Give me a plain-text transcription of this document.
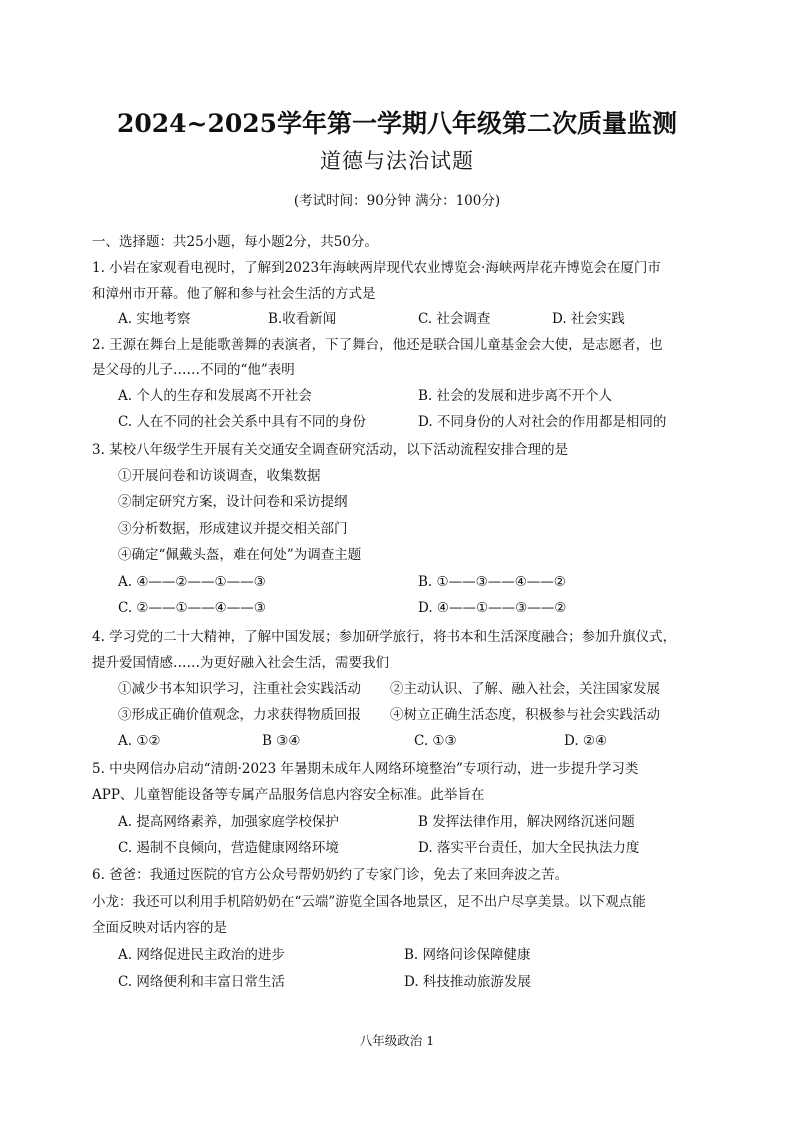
2024~2025学年第一学期八年级第二次质量监测
道德与法治试题
(考试时间：90分钟 满分：100分)
一、选择题：共25小题，每小题2分，共50分。
1. 小岩在家观看电视时，了解到2023年海峡两岸现代农业博览会·海峡两岸花卉博览会在厦门市
和漳州市开幕。他了解和参与社会生活的方式是
A. 实地考察	B.收看新闻	C. 社会调查	D. 社会实践
2. 王源在舞台上是能歌善舞的表演者，下了舞台，他还是联合国儿童基金会大使，是志愿者，也
是父母的儿子……不同的“他”表明
A. 个人的生存和发展离不开社会	B. 社会的发展和进步离不开个人
C. 人在不同的社会关系中具有不同的身份	D. 不同身份的人对社会的作用都是相同的
3. 某校八年级学生开展有关交通安全调查研究活动，以下活动流程安排合理的是
①开展问卷和访谈调查，收集数据
②制定研究方案，设计问卷和采访提纲
③分析数据，形成建议并提交相关部门
④确定“佩戴头盔，难在何处”为调查主题
A. ④——②——①——③	B. ①——③——④——②
C. ②——①——④——③	D. ④——①——③——②
4. 学习党的二十大精神，了解中国发展；参加研学旅行，将书本和生活深度融合；参加升旗仪式，
提升爱国情感……为更好融入社会生活，需要我们
①减少书本知识学习，注重社会实践活动 ②主动认识、了解、融入社会，关注国家发展
③形成正确价值观念，力求获得物质回报 ④树立正确生活态度，积极参与社会实践活动
A. ①②	B ③④	C. ①③	D. ②④
5. 中央网信办启动“清朗·2023 年暑期未成年人网络环境整治”专项行动，进一步提升学习类
APP、儿童智能设备等专属产品服务信息内容安全标准。此举旨在
A. 提高网络素养，加强家庭学校保护	B 发挥法律作用，解决网络沉迷问题
C. 遏制不良倾向，营造健康网络环境	D. 落实平台责任，加大全民执法力度
6. 爸爸：我通过医院的官方公众号帮奶奶约了专家门诊，免去了来回奔波之苦。
小龙：我还可以利用手机陪奶奶在“云端”游览全国各地景区，足不出户尽享美景。以下观点能
全面反映对话内容的是
A. 网络促进民主政治的进步	B. 网络问诊保障健康
C. 网络便利和丰富日常生活	D. 科技推动旅游发展
八年级政治 1
